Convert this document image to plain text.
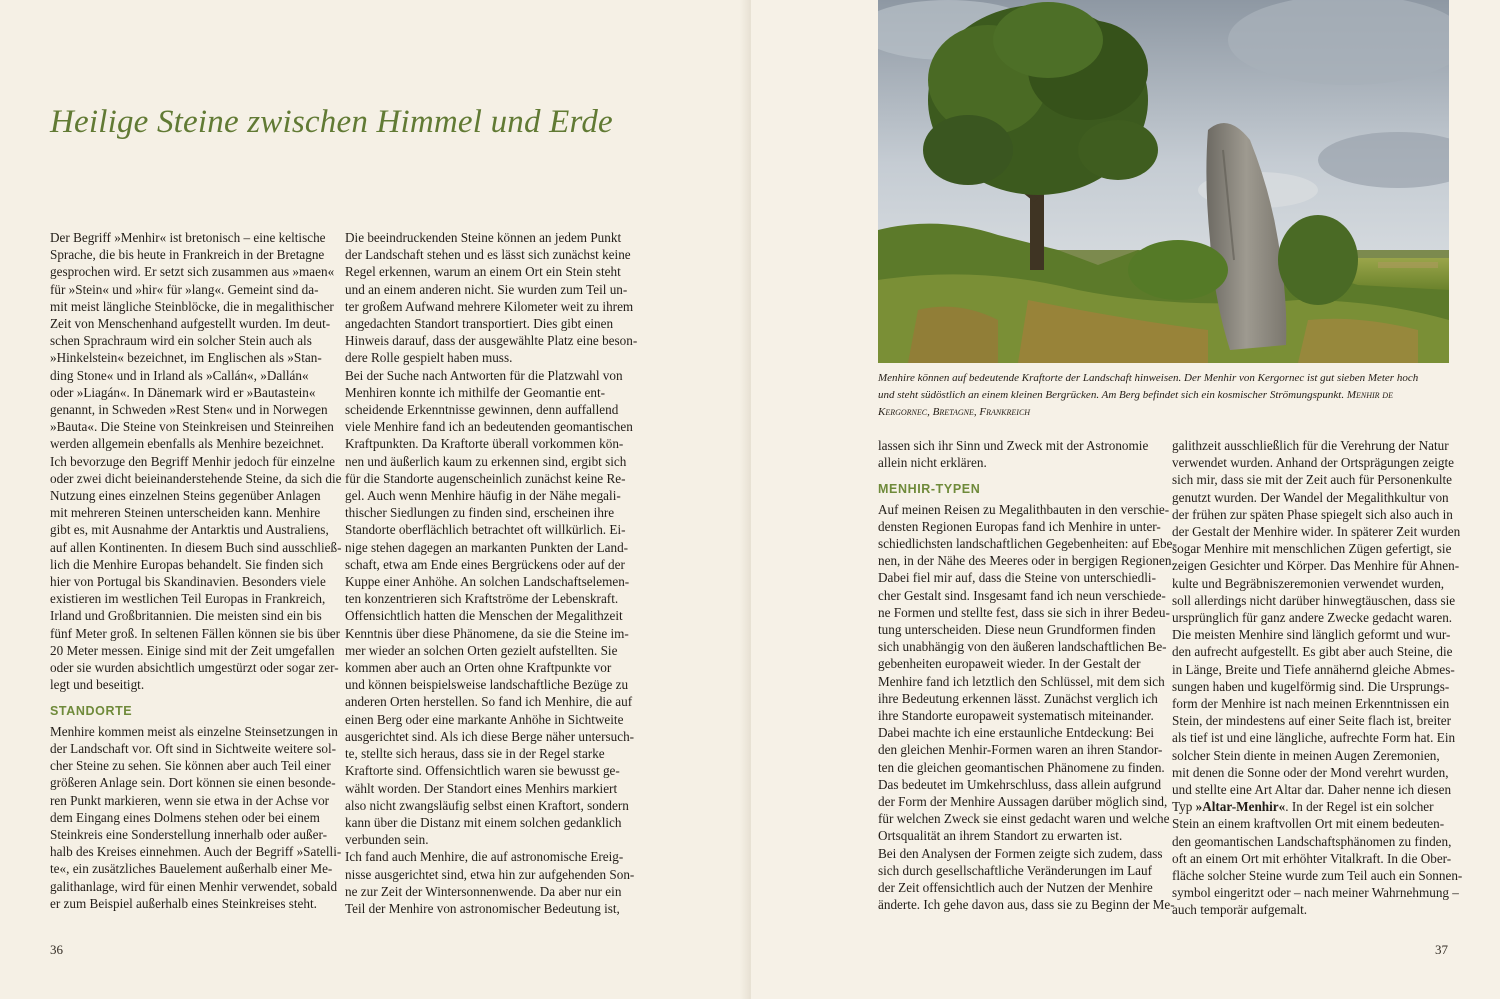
Heilige Steine zwischen Himmel und Erde

Der Begriff »Menhir« ist bretonisch – eine keltische

Sprache, die bis heute in Frankreich in der Bretagne

gesprochen wird. Er setzt sich zusammen aus »maen«

für »Stein« und »hir« für »lang«. Gemeint sind da-

mit meist längliche Steinblöcke, die in megalithischer

Zeit von Menschenhand aufgestellt wurden. Im deut-

schen Sprachraum wird ein solcher Stein auch als

»Hinkelstein« bezeichnet, im Englischen als »Stan-

ding Stone« und in Irland als »Callán«, »Dallán«

oder »Liagán«. In Dänemark wird er »Bautastein«

genannt, in Schweden »Rest Sten« und in Norwegen

»Bauta«. Die Steine von Steinkreisen und Steinreihen

werden allgemein ebenfalls als Menhire bezeichnet.

Ich bevorzuge den Begriff Menhir jedoch für einzelne

oder zwei dicht beieinanderstehende Steine, da sich die

Nutzung eines einzelnen Steins gegenüber Anlagen

mit mehreren Steinen unterscheiden kann. Menhire

gibt es, mit Ausnahme der Antarktis und Australiens,

auf allen Kontinenten. In diesem Buch sind ausschließ-

lich die Menhire Europas behandelt. Sie finden sich

hier von Portugal bis Skandinavien. Besonders viele

existieren im westlichen Teil Europas in Frankreich,

Irland und Großbritannien. Die meisten sind ein bis

fünf Meter groß. In seltenen Fällen können sie bis über

20 Meter messen. Einige sind mit der Zeit umgefallen

oder sie wurden absichtlich umgestürzt oder sogar zer-

legt und beseitigt.

STANDORTE

Menhire kommen meist als einzelne Steinsetzungen in

der Landschaft vor. Oft sind in Sichtweite weitere sol-

cher Steine zu sehen. Sie können aber auch Teil einer

größeren Anlage sein. Dort können sie einen besonde-

ren Punkt markieren, wenn sie etwa in der Achse vor

dem Eingang eines Dolmens stehen oder bei einem

Steinkreis eine Sonderstellung innerhalb oder außer-

halb des Kreises einnehmen. Auch der Begriff »Satelli-

te«, ein zusätzliches Bauelement außerhalb einer Me-

galithanlage, wird für einen Menhir verwendet, sobald

er zum Beispiel außerhalb eines Steinkreises steht.

Die beeindruckenden Steine können an jedem Punkt

der Landschaft stehen und es lässt sich zunächst keine

Regel erkennen, warum an einem Ort ein Stein steht

und an einem anderen nicht. Sie wurden zum Teil un-

ter großem Aufwand mehrere Kilometer weit zu ihrem

angedachten Standort transportiert. Dies gibt einen

Hinweis darauf, dass der ausgewählte Platz eine beson-

dere Rolle gespielt haben muss.

Bei der Suche nach Antworten für die Platzwahl von

Menhiren konnte ich mithilfe der Geomantie ent-

scheidende Erkenntnisse gewinnen, denn auffallend

viele Menhire fand ich an bedeutenden geomantischen

Kraftpunkten. Da Kraftorte überall vorkommen kön-

nen und äußerlich kaum zu erkennen sind, ergibt sich

für die Standorte augenscheinlich zunächst keine Re-

gel. Auch wenn Menhire häufig in der Nähe megali-

thischer Siedlungen zu finden sind, erscheinen ihre

Standorte oberflächlich betrachtet oft willkürlich. Ei-

nige stehen dagegen an markanten Punkten der Land-

schaft, etwa am Ende eines Bergrückens oder auf der

Kuppe einer Anhöhe. An solchen Landschaftselemen-

ten konzentrieren sich Kraftströme der Lebenskraft.

Offensichtlich hatten die Menschen der Megalithzeit

Kenntnis über diese Phänomene, da sie die Steine im-

mer wieder an solchen Orten gezielt aufstellten. Sie

kommen aber auch an Orten ohne Kraftpunkte vor

und können beispielsweise landschaftliche Bezüge zu

anderen Orten herstellen. So fand ich Menhire, die auf

einen Berg oder eine markante Anhöhe in Sichtweite

ausgerichtet sind. Als ich diese Berge näher untersuch-

te, stellte sich heraus, dass sie in der Regel starke

Kraftorte sind. Offensichtlich waren sie bewusst ge-

wählt worden. Der Standort eines Menhirs markiert

also nicht zwangsläufig selbst einen Kraftort, sondern

kann über die Distanz mit einem solchen gedanklich

verbunden sein.

Ich fand auch Menhire, die auf astronomische Ereig-

nisse ausgerichtet sind, etwa hin zur aufgehenden Son-

ne zur Zeit der Wintersonnenwende. Da aber nur ein

Teil der Menhire von astronomischer Bedeutung ist,

36

Menhire können auf bedeutende Kraftorte der Landschaft hinweisen. Der Menhir von Kergornec ist gut sieben Meter hoch

und steht südöstlich an einem kleinen Bergrücken. Am Berg befindet sich ein kosmischer Strömungspunkt. Menhir de

Kergornec, Bretagne, Frankreich

lassen sich ihr Sinn und Zweck mit der Astronomie

allein nicht erklären.

MENHIR-TYPEN

Auf meinen Reisen zu Megalithbauten in den verschie-

densten Regionen Europas fand ich Menhire in unter-

schiedlichsten landschaftlichen Gegebenheiten: auf Ebe-

nen, in der Nähe des Meeres oder in bergigen Regionen.

Dabei fiel mir auf, dass die Steine von unterschiedli-

cher Gestalt sind. Insgesamt fand ich neun verschiede-

ne Formen und stellte fest, dass sie sich in ihrer Bedeu-

tung unterscheiden. Diese neun Grundformen finden

sich unabhängig von den äußeren landschaftlichen Be-

gebenheiten europaweit wieder. In der Gestalt der

Menhire fand ich letztlich den Schlüssel, mit dem sich

ihre Bedeutung erkennen lässt. Zunächst verglich ich

ihre Standorte europaweit systematisch miteinander.

Dabei machte ich eine erstaunliche Entdeckung: Bei

den gleichen Menhir-Formen waren an ihren Standor-

ten die gleichen geomantischen Phänomene zu finden.

Das bedeutet im Umkehrschluss, dass allein aufgrund

der Form der Menhire Aussagen darüber möglich sind,

für welchen Zweck sie einst gedacht waren und welche

Ortsqualität an ihrem Standort zu erwarten ist.

Bei den Analysen der Formen zeigte sich zudem, dass

sich durch gesellschaftliche Veränderungen im Lauf

der Zeit offensichtlich auch der Nutzen der Menhire

änderte. Ich gehe davon aus, dass sie zu Beginn der Me-

galithzeit ausschließlich für die Verehrung der Natur

verwendet wurden. Anhand der Ortsprägungen zeigte

sich mir, dass sie mit der Zeit auch für Personenkulte

genutzt wurden. Der Wandel der Megalithkultur von

der frühen zur späten Phase spiegelt sich also auch in

der Gestalt der Menhire wider. In späterer Zeit wurden

sogar Menhire mit menschlichen Zügen gefertigt, sie

zeigen Gesichter und Körper. Das Menhire für Ahnen-

kulte und Begräbniszeremonien verwendet wurden,

soll allerdings nicht darüber hinwegtäuschen, dass sie

ursprünglich für ganz andere Zwecke gedacht waren.

Die meisten Menhire sind länglich geformt und wur-

den aufrecht aufgestellt. Es gibt aber auch Steine, die

in Länge, Breite und Tiefe annähernd gleiche Abmes-

sungen haben und kugelförmig sind. Die Ursprungs-

form der Menhire ist nach meinen Erkenntnissen ein

Stein, der mindestens auf einer Seite flach ist, breiter

als tief ist und eine längliche, aufrechte Form hat. Ein

solcher Stein diente in meinen Augen Zeremonien,

mit denen die Sonne oder der Mond verehrt wurden,

und stellte eine Art Altar dar. Daher nenne ich diesen

Typ »Altar-Menhir«. In der Regel ist ein solcher

Stein an einem kraftvollen Ort mit einem bedeuten-

den geomantischen Landschaftsphänomen zu finden,

oft an einem Ort mit erhöhter Vitalkraft. In die Ober-

fläche solcher Steine wurde zum Teil auch ein Sonnen-

symbol eingeritzt oder – nach meiner Wahrnehmung –

auch temporär aufgemalt.

37
